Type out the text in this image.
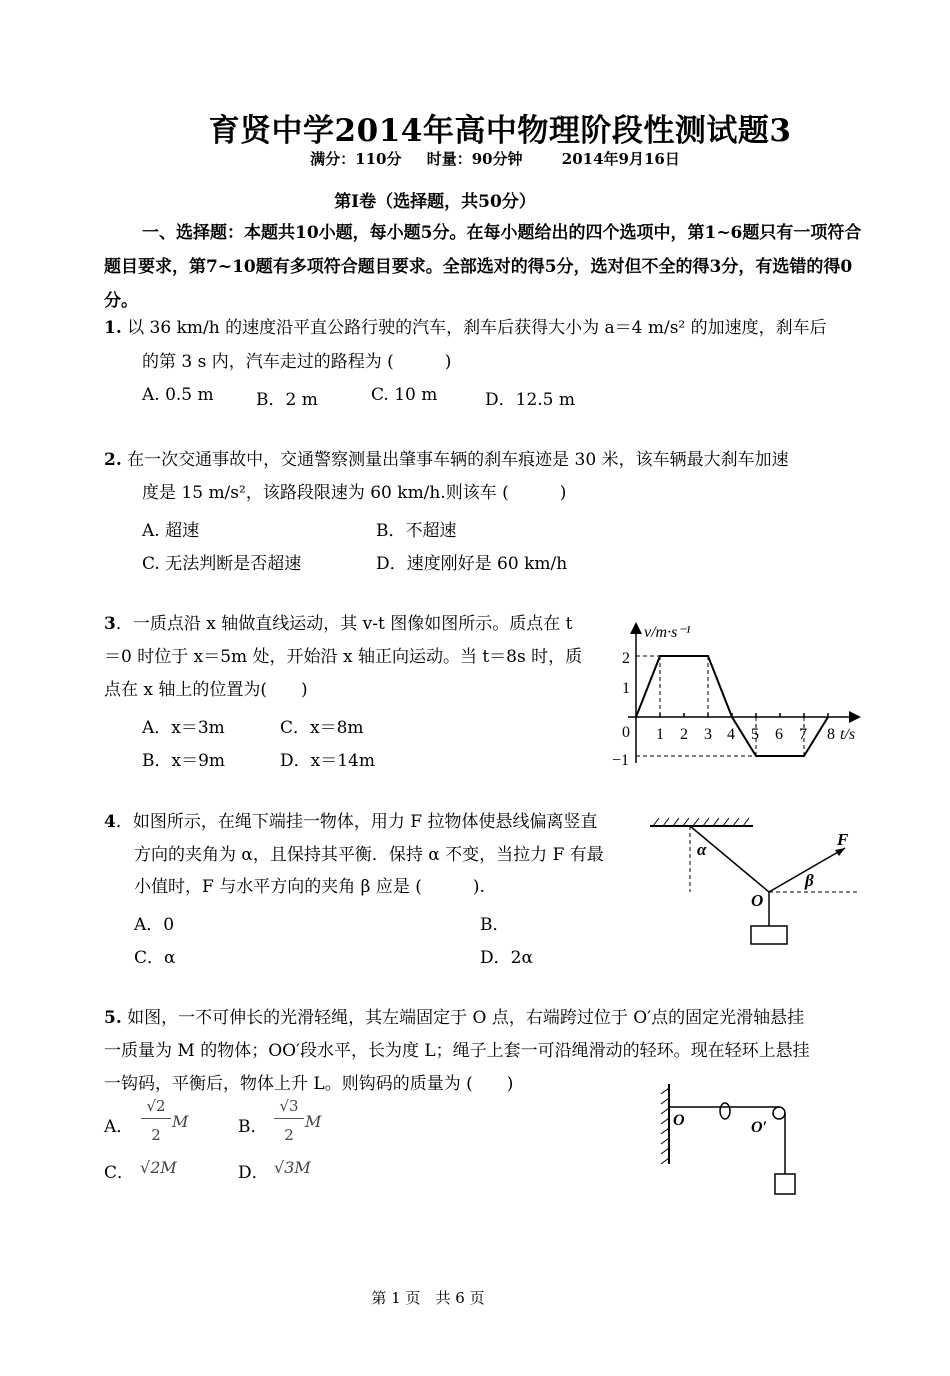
育贤中学2014年高中物理阶段性测试题3
满分：110分 时量：90分钟	2014年9月16日
第Ⅰ卷（选择题，共50分）
一、选择题：本题共10小题，每小题5分。在每小题给出的四个选项中，第1~6题只有一项符合题目要求，第7~10题有多项符合题目要求。全部选对的得5分，选对但不全的得3分，有选错的得0分。
1. 以 36 km/h 的速度沿平直公路行驶的汽车，刹车后获得大小为 a＝4 m/s² 的加速度，刹车后
的第 3 s 内，汽车走过的路程为 (　　　)
A. 0.5 m B．2 m	C. 10 m	D．12.5 m
2. 在一次交通事故中，交通警察测量出肇事车辆的刹车痕迹是 30 米，该车辆最大刹车加速
度是 15 m/s²，该路段限速为 60 km/h.则该车 (　　　)
A. 超速	B．不超速
C. 无法判断是否超速	D．速度刚好是 60 km/h
3．一质点沿 x 轴做直线运动，其 v-t 图像如图所示。质点在 t
＝0 时位于 x＝5m 处，开始沿 x 轴正向运动。当 t＝8s 时，质
点在 x 轴上的位置为(　　)
A．x＝3m	C．x＝8m
B．x＝9m	D．x＝14m
v/m·s⁻¹
t/s
2
1
0
−1
1 2 3 4 5 6 7 8
4．如图所示，在绳下端挂一物体，用力 F 拉物体使悬线偏离竖直
方向的夹角为 α，且保持其平衡．保持 α 不变，当拉力 F 有最
小值时，F 与水平方向的夹角 β 应是 (　　　).
A．0	B．
C．α	D．2α
α
F
β
O
5. 如图，一不可伸长的光滑轻绳，其左端固定于 O 点，右端跨过位于 O′点的固定光滑轴悬挂
一质量为 M 的物体；OO′段水平，长为度 L；绳子上套一可沿绳滑动的轻环。现在轻环上悬挂
一钩码，平衡后，物体上升 L。则钩码的质量为 (　　)
A．
√2
2
M	B．
√3
2
M
C． √2M	D． √3M
O	O′
第 1 页　共 6 页
